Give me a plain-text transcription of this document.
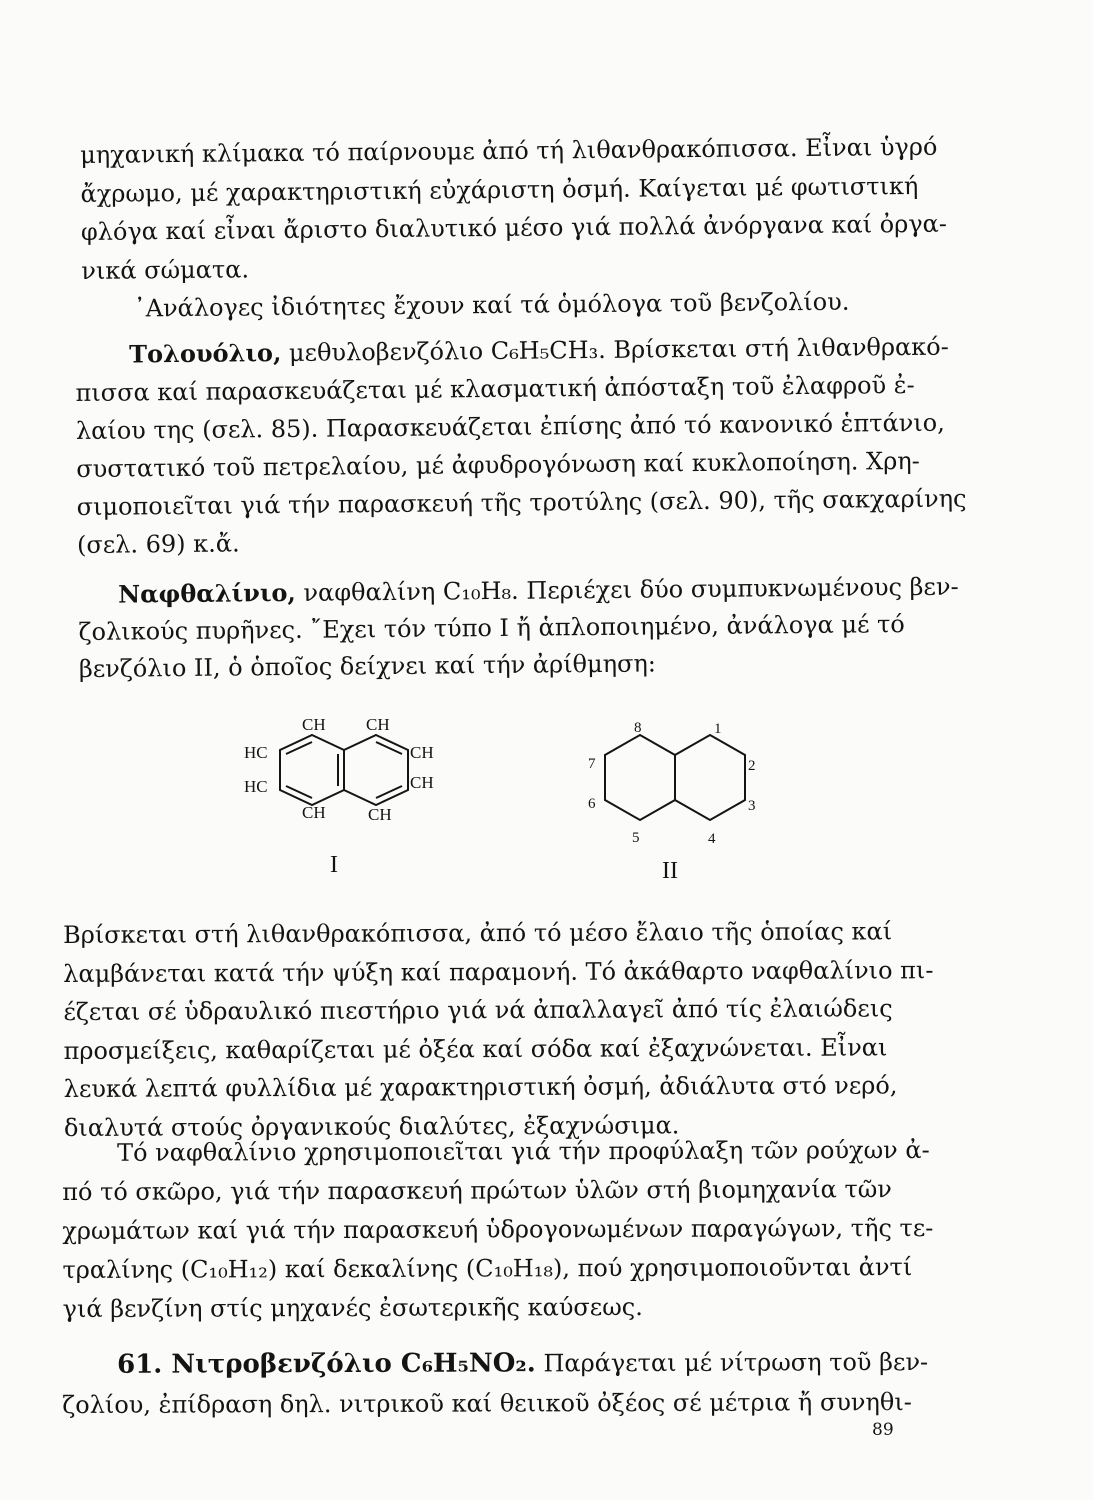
μηχανική κλίμακα τό παίρνουμε ἀπό τή λιθανθρακόπισσα. Εἶναι ὑγρό
ἄχρωμο, μέ χαρακτηριστική εὐχάριστη ὀσμή. Καίγεται μέ φωτιστική
φλόγα καί εἶναι ἄριστο διαλυτικό μέσο γιά πολλά ἀνόργανα καί ὀργα-
νικά σώματα.
᾿Ανάλογες ἰδιότητες ἔχουν καί τά ὁμόλογα τοῦ βενζολίου.
Τολουόλιο, μεθυλοβενζόλιο C₆H₅CH₃. Βρίσκεται στή λιθανθρακό-
πισσα καί παρασκευάζεται μέ κλασματική ἀπόσταξη τοῦ ἐλαφροῦ ἐ-
λαίου της (σελ. 85). Παρασκευάζεται ἐπίσης ἀπό τό κανονικό ἑπτάνιο,
συστατικό τοῦ πετρελαίου, μέ ἀφυδρογόνωση καί κυκλοποίηση. Χρη-
σιμοποιεῖται γιά τήν παρασκευή τῆς τροτύλης (σελ. 90), τῆς σακχαρίνης
(σελ. 69) κ.ἄ.
Ναφθαλίνιο, ναφθαλίνη C₁₀H₈. Περιέχει δύο συμπυκνωμένους βεν-
ζολικούς πυρῆνες. ῎Εχει τόν τύπο I ἤ ἁπλοποιημένο, ἀνάλογα μέ τό
βενζόλιο II, ὁ ὁποῖος δείχνει καί τήν ἀρίθμηση:
CH CH
HC
HC
CH
CH
CH CH
I
8	1
7	2
6	3
5	4
II
Βρίσκεται στή λιθανθρακόπισσα, ἀπό τό μέσο ἔλαιο τῆς ὁποίας καί
λαμβάνεται κατά τήν ψύξη καί παραμονή. Τό ἀκάθαρτο ναφθαλίνιο πι-
έζεται σέ ὑδραυλικό πιεστήριο γιά νά ἀπαλλαγεῖ ἀπό τίς ἐλαιώδεις
προσμείξεις, καθαρίζεται μέ ὀξέα καί σόδα καί ἐξαχνώνεται. Εἶναι
λευκά λεπτά φυλλίδια μέ χαρακτηριστική ὀσμή, ἀδιάλυτα στό νερό,
διαλυτά στούς ὀργανικούς διαλύτες, ἐξαχνώσιμα.
Τό ναφθαλίνιο χρησιμοποιεῖται γιά τήν προφύλαξη τῶν ρούχων ἀ-
πό τό σκῶρο, γιά τήν παρασκευή πρώτων ὑλῶν στή βιομηχανία τῶν
χρωμάτων καί γιά τήν παρασκευή ὑδρογονωμένων παραγώγων, τῆς τε-
τραλίνης (C₁₀H₁₂) καί δεκαλίνης (C₁₀H₁₈), πού χρησιμοποιοῦνται ἀντί
γιά βενζίνη στίς μηχανές ἐσωτερικῆς καύσεως.
61. Νιτροβενζόλιο C₆H₅NO₂. Παράγεται μέ νίτρωση τοῦ βεν-
ζολίου, ἐπίδραση δηλ. νιτρικοῦ καί θειικοῦ ὀξέος σέ μέτρια ἤ συνηθι-
89
